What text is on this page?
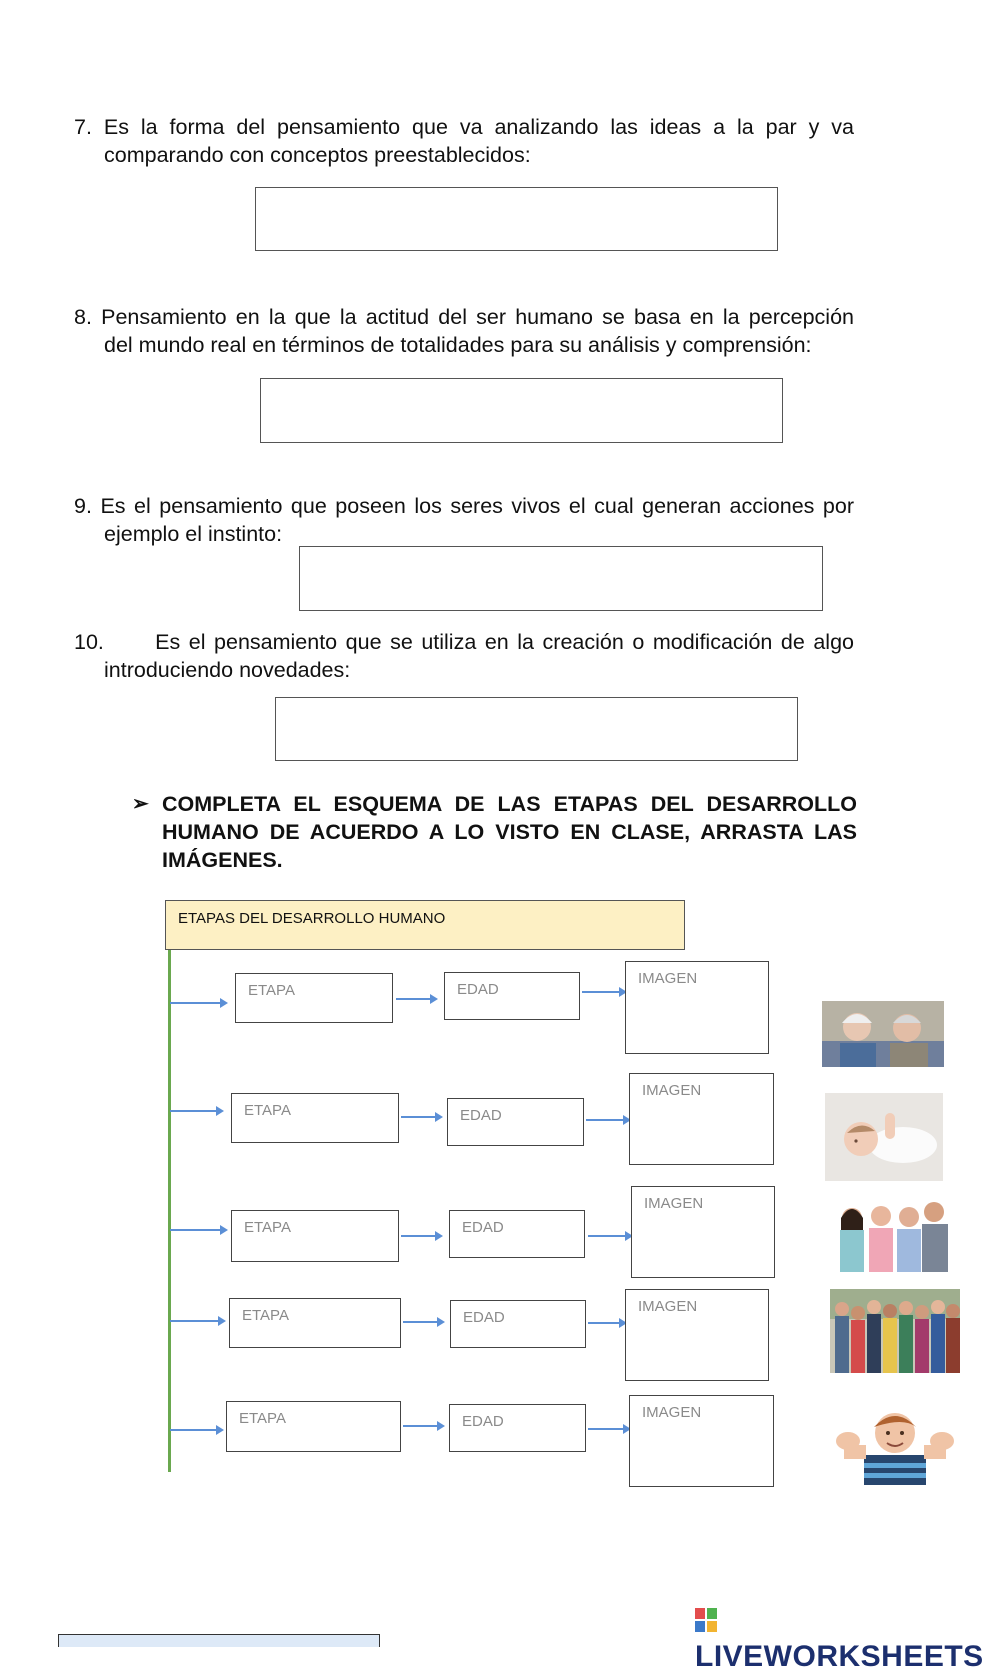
7. Es la forma del pensamiento que va analizando las ideas a la par y va
comparando con conceptos preestablecidos:
8. Pensamiento en la que la actitud del ser humano se basa en la percepción
del mundo real en términos de totalidades para su análisis y comprensión:
9. Es el pensamiento que poseen los seres vivos el cual generan acciones por
ejemplo el instinto:
10. Es el pensamiento que se utiliza en la creación o modificación de algo
introduciendo novedades:
➢ COMPLETA EL ESQUEMA DE LAS ETAPAS DEL DESARROLLO HUMANO DE ACUERDO A LO VISTO EN CLASE, ARRASTA LAS IMÁGENES.
ETAPAS DEL DESARROLLO HUMANO
ETAPA	EDAD
IMAGEN
ETAPA	EDAD
IMAGEN
ETAPA	EDAD
IMAGEN
ETAPA	EDAD
IMAGEN
ETAPA	EDAD
IMAGEN
LIVEWORKSHEETS
